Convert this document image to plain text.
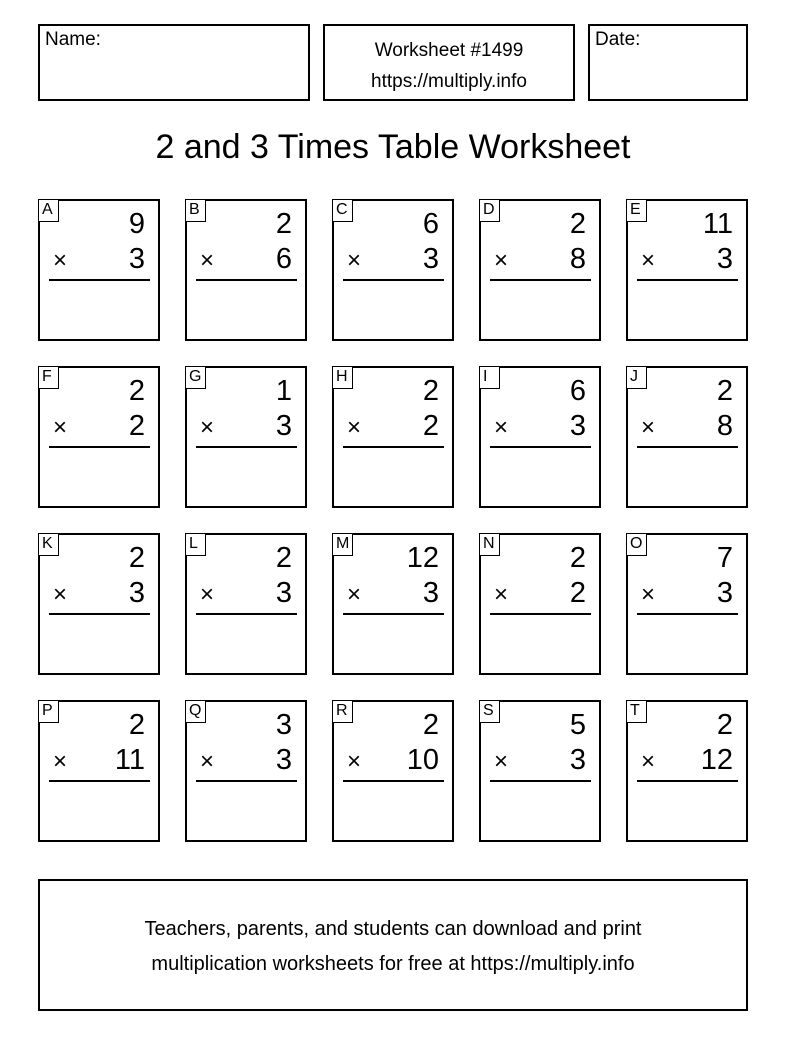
Name:
Worksheet #1499
https://multiply.info
Date:
2 and 3 Times Table Worksheet
A	9
× 3
B	2
× 6
C	6
× 3
D	2
× 8
E 11
× 3
F	2
× 2
G	1
× 3
H	2
× 2
I	6
× 3
J	2
× 8
K	2
× 3
L	2
× 3
M 12
× 3
N	2
× 2
O	7
× 3
P	2
× 11
Q	3
× 3
R	2
× 10
S	5
× 3
T	2
× 12
Teachers, parents, and students can download and print
multiplication worksheets for free at https://multiply.info
